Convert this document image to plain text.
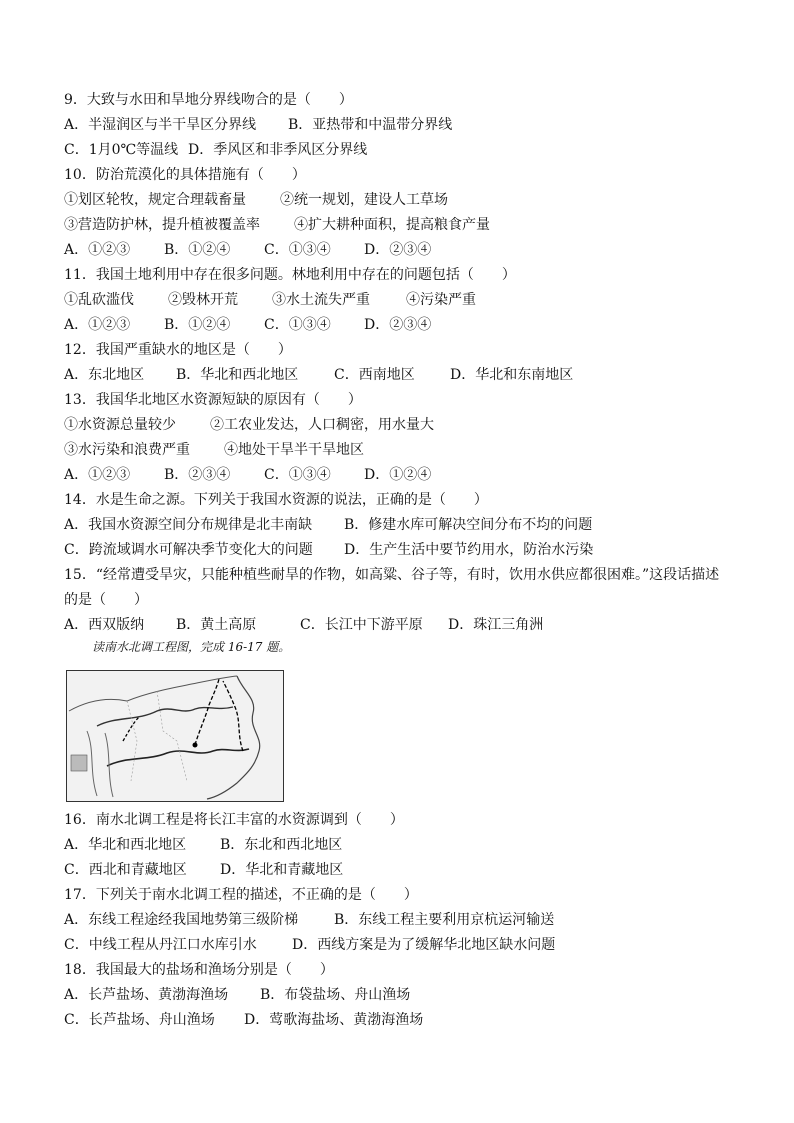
9．大致与水田和旱地分界线吻合的是（　　）
A．半湿润区与半干旱区分界线 B．亚热带和中温带分界线
C．1月0℃等温线 D．季风区和非季风区分界线
10．防治荒漠化的具体措施有（　　）
①划区轮牧，规定合理载畜量 ②统一规划，建设人工草场
③营造防护林，提升植被覆盖率 ④扩大耕种面积，提高粮食产量
A．①②③ B．①②④ C．①③④ D．②③④
11．我国土地利用中存在很多问题。林地利用中存在的问题包括（　　）
①乱砍滥伐 ②毁林开荒 ③水土流失严重	④污染严重
A．①②③ B．①②④ C．①③④ D．②③④
12．我国严重缺水的地区是（　　）
A．东北地区 B．华北和西北地区	C．西南地区	D．华北和东南地区
13．我国华北地区水资源短缺的原因有（　　）
①水资源总量较少 ②工农业发达，人口稠密，用水量大
③水污染和浪费严重 ④地处干旱半干旱地区
A．①②③ B．②③④ C．①③④ D．①②④
14．水是生命之源。下列关于我国水资源的说法，正确的是（　　）
A．我国水资源空间分布规律是北丰南缺 B．修建水库可解决空间分布不均的问题
C．跨流域调水可解决季节变化大的问题 D．生产生活中要节约用水，防治水污染
15．“经常遭受旱灾，只能种植些耐旱的作物，如高粱、谷子等，有时，饮用水供应都很困难。”这段话描述
的是（　　）
A．西双版纳 B．黄土高原	C．长江中下游平原 D．珠江三角洲
读南水北调工程图，完成 16-17 题。
16．南水北调工程是将长江丰富的水资源调到（　　）
A．华北和西北地区 B．东北和西北地区
C．西北和青藏地区 D．华北和青藏地区
17．下列关于南水北调工程的描述，不正确的是（　　）
A．东线工程途经我国地势第三级阶梯	B．东线工程主要利用京杭运河输送
C．中线工程从丹江口水库引水	D．西线方案是为了缓解华北地区缺水问题
18．我国最大的盐场和渔场分别是（　　）
A．长芦盐场、黄渤海渔场 B．布袋盐场、舟山渔场
C．长芦盐场、舟山渔场 D．莺歌海盐场、黄渤海渔场
